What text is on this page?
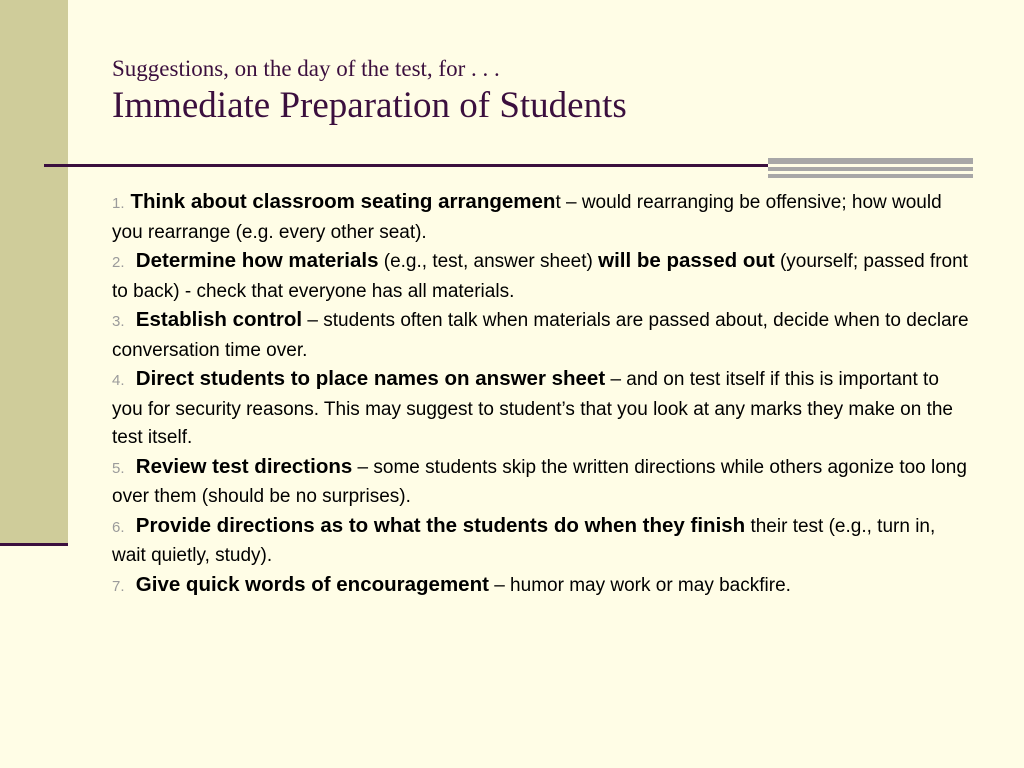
Suggestions, on the day of the test, for . . .

Immediate Preparation of Students

1. Think about classroom seating arrangement – would rearranging be offensive; how would you rearrange (e.g. every other seat).
2. Determine how materials (e.g., test, answer sheet) will be passed out (yourself; passed front to back) - check that everyone has all materials.
3. Establish control – students often talk when materials are passed about, decide when to declare conversation time over.
4. Direct students to place names on answer sheet – and on test itself if this is important to you for security reasons. This may suggest to student’s that you look at any marks they make on the test itself.
5. Review test directions – some students skip the written directions while others agonize too long over them (should be no surprises).
6. Provide directions as to what the students do when they finish their test (e.g., turn in, wait quietly, study).
7. Give quick words of encouragement – humor may work or may backfire.
